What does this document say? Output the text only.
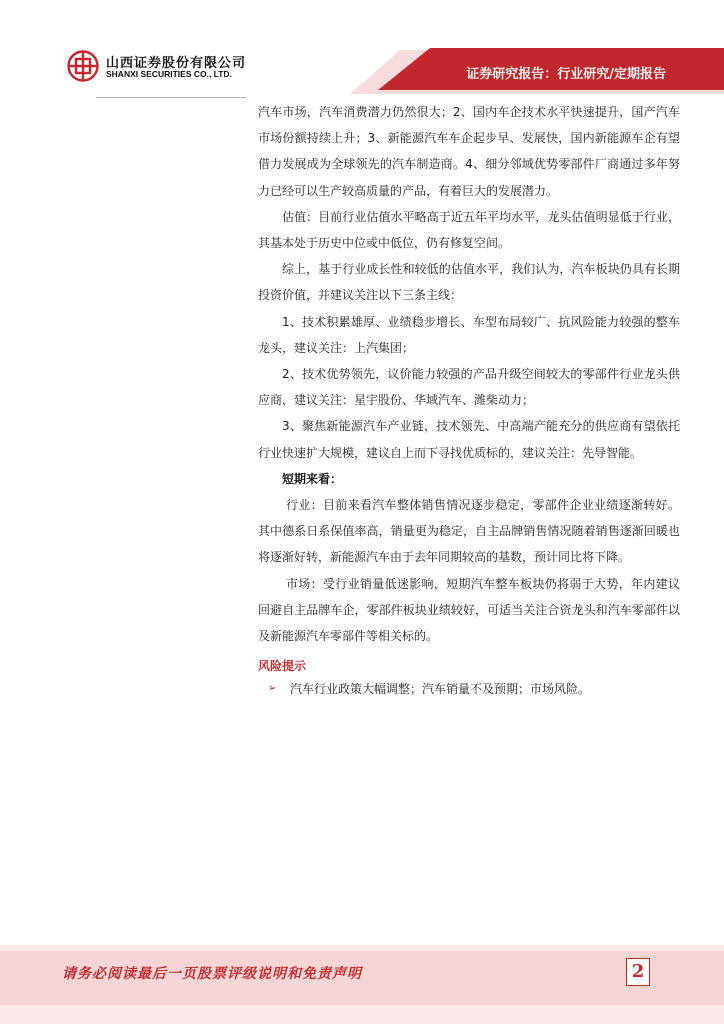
山西证券股份有限公司
SHANXI SECURITIES CO., LTD.	证券研究报告：行业研究/定期报告

汽车市场，汽车消费潜力仍然很大；2、国内车企技术水平快速提升，国产汽车市场份额持续上升；3、新能源汽车车企起步早、发展快，国内新能源车企有望借力发展成为全球领先的汽车制造商。4、细分邻域优势零部件厂商通过多年努力已经可以生产较高质量的产品，有着巨大的发展潜力。

估值：目前行业估值水平略高于近五年平均水平，龙头估值明显低于行业，其基本处于历史中位或中低位，仍有修复空间。

综上，基于行业成长性和较低的估值水平，我们认为，汽车板块仍具有长期投资价值，并建议关注以下三条主线：

1、技术积累雄厚、业绩稳步增长、车型布局较广、抗风险能力较强的整车龙头，建议关注：上汽集团；

2、技术优势领先，议价能力较强的产品升级空间较大的零部件行业龙头供应商，建议关注：星宇股份、华域汽车、潍柴动力；

3、聚焦新能源汽车产业链，技术领先、中高端产能充分的供应商有望依托行业快速扩大规模，建议自上而下寻找优质标的，建议关注：先导智能。

短期来看：

行业：目前来看汽车整体销售情况逐步稳定，零部件企业业绩逐渐转好。其中德系日系保值率高，销量更为稳定，自主品牌销售情况随着销售逐渐回暖也将逐渐好转，新能源汽车由于去年同期较高的基数，预计同比将下降。

市场：受行业销量低迷影响，短期汽车整车板块仍将弱于大势，年内建议回避自主品牌车企，零部件板块业绩较好，可适当关注合资龙头和汽车零部件以及新能源汽车零部件等相关标的。

风险提示

➢ 汽车行业政策大幅调整；汽车销量不及预期；市场风险。

请务必阅读最后一页股票评级说明和免责声明	2
